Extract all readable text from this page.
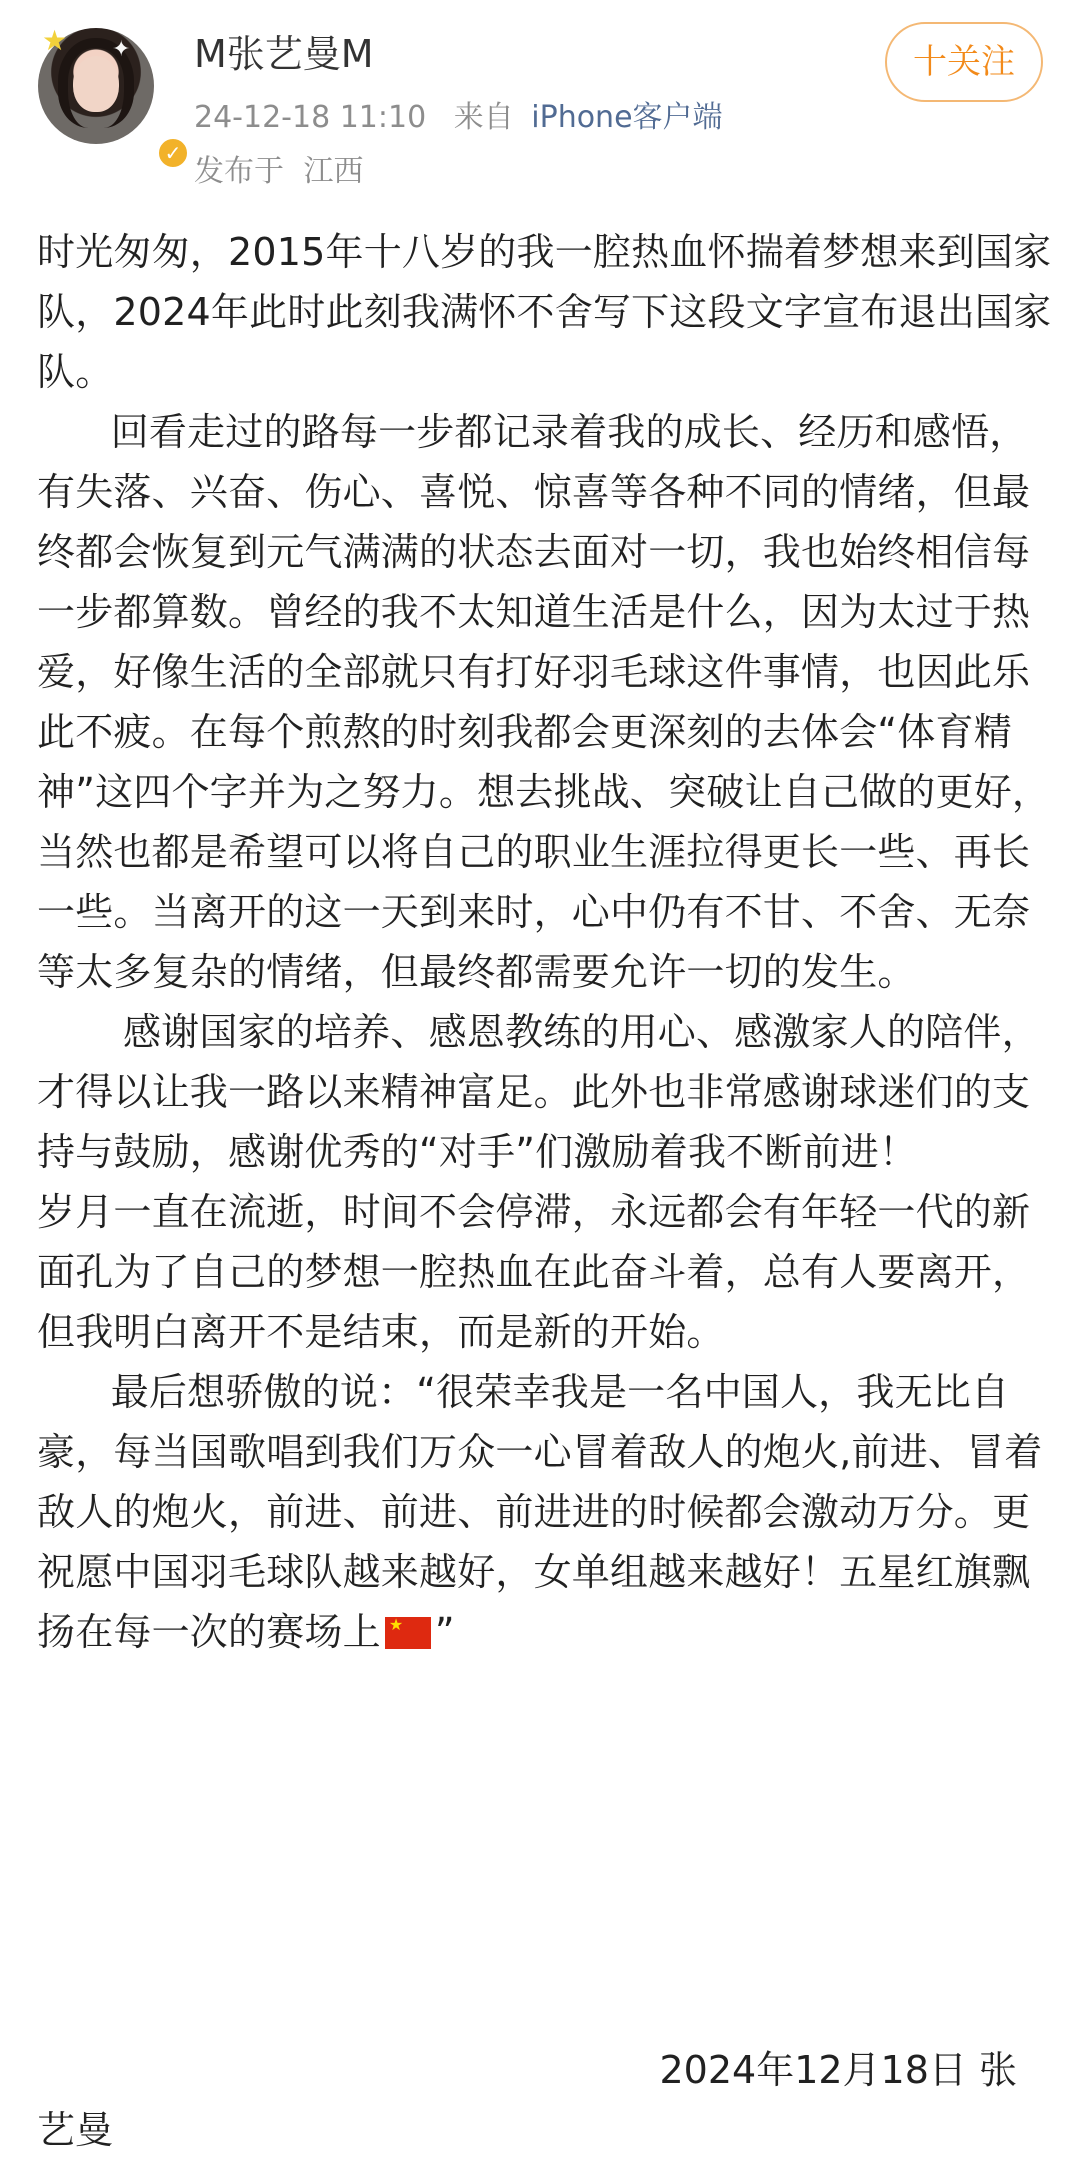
★	✦
✓
M张艺曼M
24-12-18 11:10 来自 iPhone客户端
发布于 江西
十关注

时光匆匆，2015年十八岁的我一腔热血怀揣着梦想来到国家队，2024年此时此刻我满怀不舍写下这段文字宣布退出国家队。

回看走过的路每一步都记录着我的成长、经历和感悟，有失落、兴奋、伤心、喜悦、惊喜等各种不同的情绪，但最终都会恢复到元气满满的状态去面对一切，我也始终相信每一步都算数。曾经的我不太知道生活是什么，因为太过于热爱，好像生活的全部就只有打好羽毛球这件事情，也因此乐此不疲。在每个煎熬的时刻我都会更深刻的去体会“体育精神”这四个字并为之努力。想去挑战、突破让自己做的更好，当然也都是希望可以将自己的职业生涯拉得更长一些、再长一些。当离开的这一天到来时，心中仍有不甘、不舍、无奈等太多复杂的情绪，但最终都需要允许一切的发生。

感谢国家的培养、感恩教练的用心、感激家人的陪伴，才得以让我一路以来精神富足。此外也非常感谢球迷们的支持与鼓励，感谢优秀的“对手”们激励着我不断前进！

岁月一直在流逝，时间不会停滞，永远都会有年轻一代的新面孔为了自己的梦想一腔热血在此奋斗着，总有人要离开，但我明白离开不是结束，而是新的开始。

最后想骄傲的说：“很荣幸我是一名中国人，我无比自豪，每当国歌唱到我们万众一心冒着敌人的炮火,前进、冒着敌人的炮火，前进、前进、前进进的时候都会激动万分。更祝愿中国羽毛球队越来越好，女单组越来越好！五星红旗飘扬在每一次的赛场上★ ”

2024年12月18日 张
艺曼
